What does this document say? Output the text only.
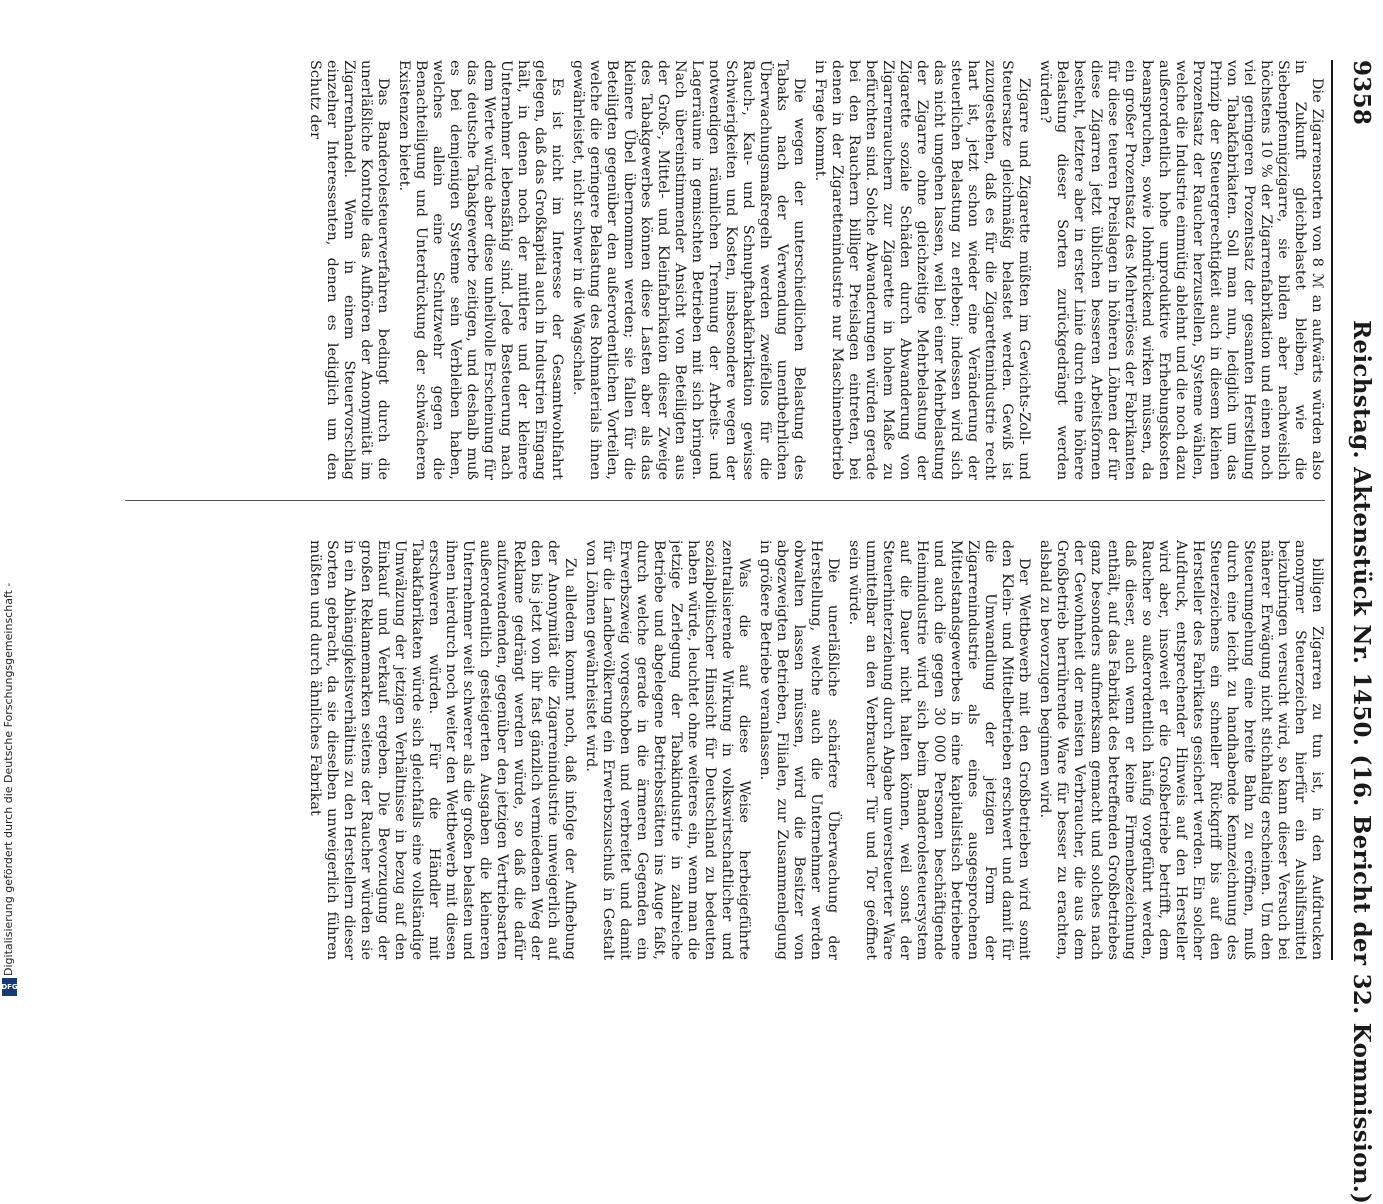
9358
Reichstag. Aktenstück Nr. 1450. (16. Bericht der 32. Kommission.)

Die Zigarrensorten von 8 ℳ an aufwärts würden also in Zukunft gleichbelastet bleiben, wie die Siebenpfennigzigarre, sie bilden aber nachweislich höchstens 10 % der Zigarrenfabrikation und einen noch viel geringeren Prozentsatz der gesamten Herstellung von Tabakfabrikaten. Soll man nun, lediglich um das Prinzip der Steuergerechtigkeit auch in diesem kleinen Prozentsatz der Raucher herzustellen, Systeme wählen, welche die Industrie einmütig ablehnt und die noch dazu außerordentlich hohe unproduktive Erhebungskosten beanspruchen, sowie lohndrückend wirken müssen, da ein großer Prozentsatz des Mehrerlöses der Fabrikanten für diese teueren Preislagen in höheren Löhnen der für diese Zigarren jetzt üblichen besseren Arbeitsformen besteht, letztere aber in erster Linie durch eine höhere Belastung dieser Sorten zurückgedrängt werden würden?

Zigarre und Zigarette müßten im Gewichts-Zoll- und Steuersatze gleichmäßig belastet werden. Gewiß ist zuzugestehen, daß es für die Zigarettenindustrie recht hart ist, jetzt schon wieder eine Veränderung der steuerlichen Belastung zu erleben; indessen wird sich das nicht umgehen lassen, weil bei einer Mehrbelastung der Zigarre ohne gleichzeitige Mehrbelastung der Zigarette soziale Schäden durch Abwanderung von Zigarrenrauchern zur Zigarette in hohem Maße zu befürchten sind. Solche Abwanderungen würden gerade bei den Rauchern billiger Preislagen eintreten, bei denen in der Zigarettenindustrie nur Maschinenbetrieb in Frage kommt.

Die wegen der unterschiedlichen Belastung des Tabaks nach der Verwendung unentbehrlichen Überwachungsmaßregeln werden zweifellos für die Rauch-, Kau- und Schnupftabakfabrikation gewisse Schwierigkeiten und Kosten, insbesondere wegen der notwendigen räumlichen Trennung der Arbeits- und Lagerräume in gemischten Betrieben mit sich bringen. Nach übereinstimmender Ansicht von Beteiligten aus der Groß-, Mittel- und Kleinfabrikation dieser Zweige des Tabakgewerbes können diese Lasten aber als das kleinere Übel übernommen werden; sie fallen für die Beteiligten gegenüber den außerordentlichen Vorteilen, welche die geringere Belastung des Rohmaterials ihnen gewährleistet, nicht schwer in die Wagschale.

Es ist nicht im Interesse der Gesamtwohlfahrt gelegen, daß das Großkapital auch in Industrien Eingang hält, in denen noch der mittlere und der kleinere Unternehmer lebensfähig sind. Jede Besteuerung nach dem Werte würde aber diese unheilvolle Erscheinung für das deutsche Tabakgewerbe zeitigen, und deshalb muß es bei demjenigen Systeme sein Verbleiben haben, welches allein eine Schutzwehr gegen die Benachteiligung und Unterdrückung der schwächeren Existenzen bietet.

Das Banderolesteuerverfahren bedingt durch die unerläßliche Kontrolle das Aufhören der Anonymität im Zigarrenhandel. Wenn in einem Steuervorschlag einzelner Interessenten, denen es lediglich um den Schutz der

billigen Zigarren zu tun ist, in den Aufdrucken anonymer Steuerzeichen hierfür ein Aushilfsmittel beizubringen versucht wird, so kann dieser Versuch bei näherer Erwägung nicht stichhaltig erscheinen. Um den Steuerumgehung eine breite Bahn zu eröffnen, muß durch eine leicht zu handhabende Kennzeichnung des Steuerzeichens ein schneller Rückgriff bis auf den Hersteller des Fabrikates gesichert werden. Ein solcher Aufdruck, entsprechender Hinweis auf den Hersteller wird aber, insoweit er die Großbetriebe betrifft, dem Raucher so außerordentlich häufig vorgeführt werden, daß dieser, auch wenn er keine Firmenbezeichnung enthält, auf das Fabrikat des betreffenden Großbetriebes ganz besonders aufmerksam gemacht und solches nach der Gewohnheit der meisten Verbraucher, die aus dem Großbetrieb herrührende Ware für besser zu erachten, alsbald zu bevorzugen beginnen wird.

Der Wettbewerb mit den Großbetrieben wird somit den Klein- und Mittelbetrieben erschwert und damit für die Umwandlung der jetzigen Form der Zigarrenindustrie als eines ausgesprochenen Mittelstandsgewerbes in eine kapitalistisch betriebene und auch die gegen 30 000 Personen beschäftigende Heimindustrie wird sich beim Banderolesteuersystem auf die Dauer nicht halten können, weil sonst der Steuerhinterziehung durch Abgabe unversteuerter Ware unmittelbar an den Verbraucher Tür und Tor geöffnet sein würde.

Die unerläßliche schärfere Überwachung der Herstellung, welche auch die Unternehmer werden obwalten lassen müssen, wird die Besitzer von abgezweigten Betrieben, Filialen, zur Zusammenlegung in größere Betriebe veranlassen.

Was die auf diese Weise herbeigeführte zentralisierende Wirkung in volkswirtschaftlicher und sozialpolitischer Hinsicht für Deutschland zu bedeuten haben würde, leuchtet ohne weiteres ein, wenn man die jetzige Zerlegung der Tabakindustrie in zahlreiche Betriebe und abgelegene Betriebsstätten ins Auge faßt, durch welche gerade in die ärmeren Gegenden ein Erwerbszweig vorgeschoben und verbreitet und damit für die Landbevölkerung ein Erwerbszuschuß in Gestalt von Löhnen gewährleistet wird.

Zu alledem kommt noch, daß infolge der Aufhebung der Anonymität die Zigarrenindustrie unweigerlich auf den bis jetzt von ihr fast gänzlich vermiedenen Weg der Reklame gedrängt werden würde, so daß die dafür aufzuwendenden, gegenüber den jetzigen Vertriebsarten außerordentlich gesteigerten Ausgaben die kleineren Unternehmer weit schwerer als die großen belasten und ihnen hierdurch noch weiter den Wettbewerb mit diesen erschweren würden. Für die Händler mit Tabakfabrikaten würde sich gleichfalls eine vollständige Umwälzung der jetzigen Verhältnisse in bezug auf den Einkauf und Verkauf ergeben. Die Bevorzugung der großen Reklamemarken seitens der Raucher würden sie in ein Abhängigkeitsverhältnis zu den Herstellern dieser Sorten gebracht, da sie dieselben unweigerlich führen müßten und durch ähnliches Fabrikat

Digitalisierung gefördert durch die Deutsche Forschungsgemeinschaft -
DFG
